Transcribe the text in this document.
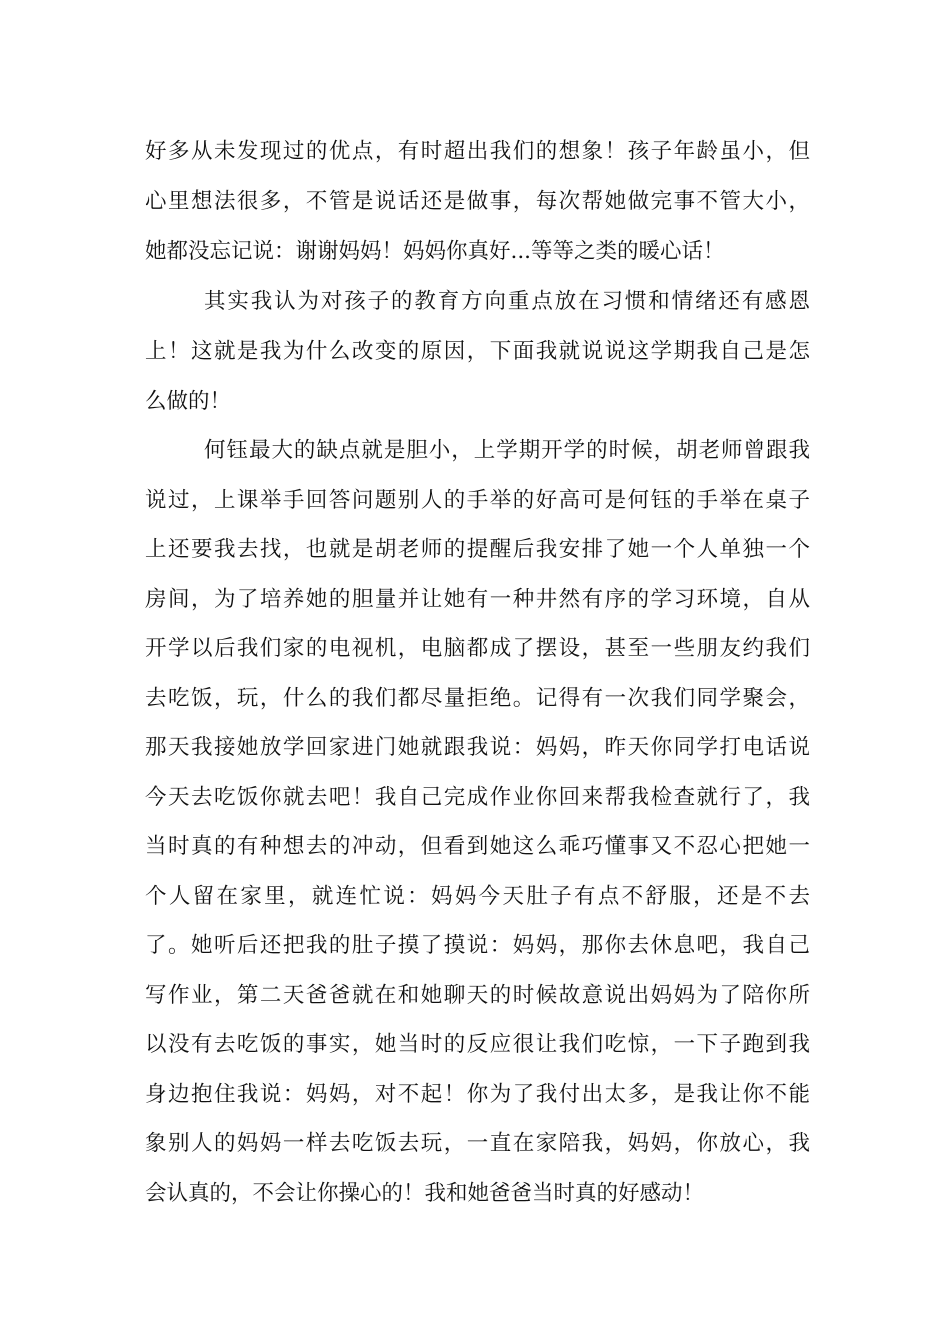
好多从未发现过的优点，有时超出我们的想象！孩子年龄虽小，但
心里想法很多，不管是说话还是做事，每次帮她做完事不管大小，
她都没忘记说：谢谢妈妈！妈妈你真好...等等之类的暖心话！
其实我认为对孩子的教育方向重点放在习惯和情绪还有感恩
上！这就是我为什么改变的原因，下面我就说说这学期我自己是怎
么做的！
何钰最大的缺点就是胆小，上学期开学的时候，胡老师曾跟我
说过，上课举手回答问题别人的手举的好高可是何钰的手举在桌子
上还要我去找，也就是胡老师的提醒后我安排了她一个人单独一个
房间，为了培养她的胆量并让她有一种井然有序的学习环境，自从
开学以后我们家的电视机，电脑都成了摆设，甚至一些朋友约我们
去吃饭，玩，什么的我们都尽量拒绝。记得有一次我们同学聚会，
那天我接她放学回家进门她就跟我说：妈妈，昨天你同学打电话说
今天去吃饭你就去吧！我自己完成作业你回来帮我检查就行了，我
当时真的有种想去的冲动，但看到她这么乖巧懂事又不忍心把她一
个人留在家里，就连忙说：妈妈今天肚子有点不舒服，还是不去
了。她听后还把我的肚子摸了摸说：妈妈，那你去休息吧，我自己
写作业，第二天爸爸就在和她聊天的时候故意说出妈妈为了陪你所
以没有去吃饭的事实，她当时的反应很让我们吃惊，一下子跑到我
身边抱住我说：妈妈，对不起！你为了我付出太多，是我让你不能
象别人的妈妈一样去吃饭去玩，一直在家陪我，妈妈，你放心，我
会认真的，不会让你操心的！我和她爸爸当时真的好感动！
